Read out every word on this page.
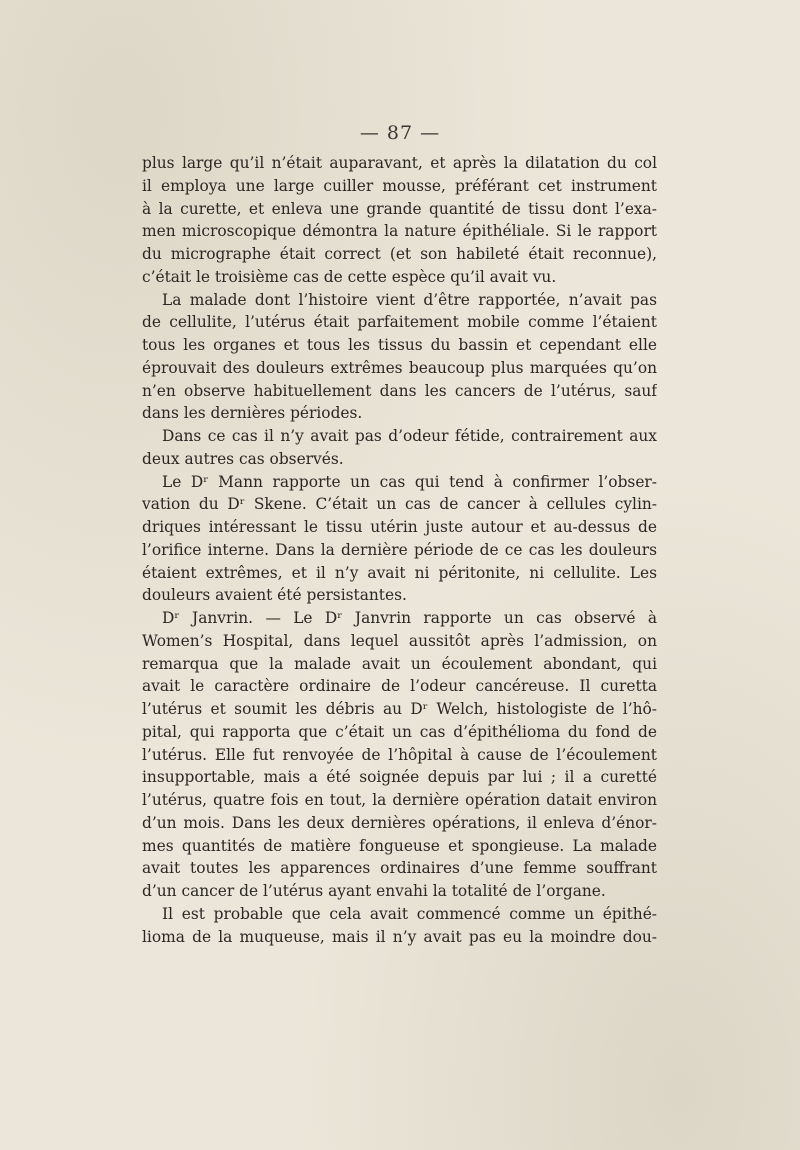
— 87 —
plus large qu’il n’était auparavant, et après la dilatation du col
il employa une large cuiller mousse, préférant cet instrument
à la curette, et enleva une grande quantité de tissu dont l’exa-
men microscopique démontra la nature épithéliale. Si le rapport
du micrographe était correct (et son habileté était reconnue),
c’était le troisième cas de cette espèce qu’il avait vu.
La malade dont l’histoire vient d’être rapportée, n’avait pas
de cellulite, l’utérus était parfaitement mobile comme l’étaient
tous les organes et tous les tissus du bassin et cependant elle
éprouvait des douleurs extrêmes beaucoup plus marquées qu’on
n’en observe habituellement dans les cancers de l’utérus, sauf
dans les dernières périodes.
Dans ce cas il n’y avait pas d’odeur fétide, contrairement aux
deux autres cas observés.
Le Dʳ Mann rapporte un cas qui tend à confirmer l’obser-
vation du Dʳ Skene. C’était un cas de cancer à cellules cylin-
driques intéressant le tissu utérin juste autour et au-dessus de
l’orifice interne. Dans la dernière période de ce cas les douleurs
étaient extrêmes, et il n’y avait ni péritonite, ni cellulite. Les
douleurs avaient été persistantes.
Dʳ Janvrin. — Le Dʳ Janvrin rapporte un cas observé à
Women’s Hospital, dans lequel aussitôt après l’admission, on
remarqua que la malade avait un écoulement abondant, qui
avait le caractère ordinaire de l’odeur cancéreuse. Il curetta
l’utérus et soumit les débris au Dʳ Welch, histologiste de l’hô-
pital, qui rapporta que c’était un cas d’épithélioma du fond de
l’utérus. Elle fut renvoyée de l’hôpital à cause de l’écoulement
insupportable, mais a été soignée depuis par lui ; il a curetté
l’utérus, quatre fois en tout, la dernière opération datait environ
d’un mois. Dans les deux dernières opérations, il enleva d’énor-
mes quantités de matière fongueuse et spongieuse. La malade
avait toutes les apparences ordinaires d’une femme souffrant
d’un cancer de l’utérus ayant envahi la totalité de l’organe.
Il est probable que cela avait commencé comme un épithé-
lioma de la muqueuse, mais il n’y avait pas eu la moindre dou-
